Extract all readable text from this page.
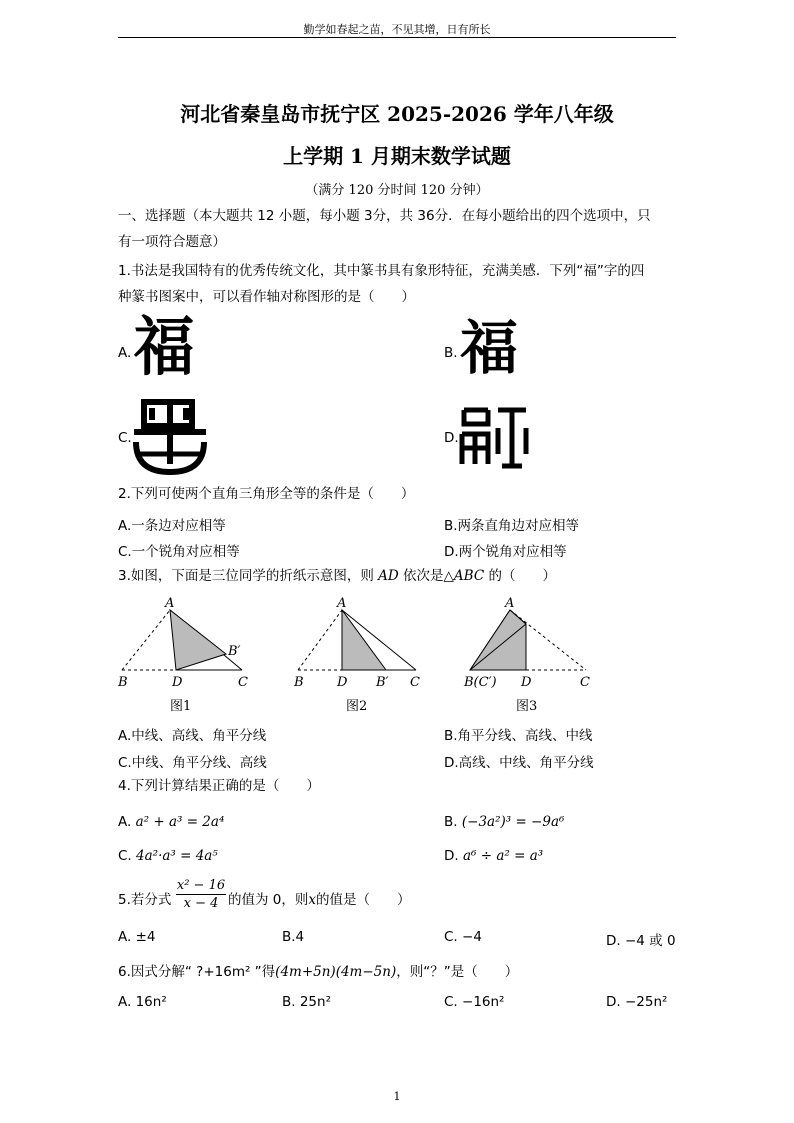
勤学如春起之苗，不见其增，日有所长
河北省秦皇岛市抚宁区 2025-2026 学年八年级
上学期 1 月期末数学试题
（满分 120 分时间 120 分钟）
一、选择题（本大题共 12 小题，每小题 3分，共 36分．在每小题给出的四个选项中，只
有一项符合题意）
1.书法是我国特有的优秀传统文化，其中篆书具有象形特征，充满美感．下列“福”字的四
种篆书图案中，可以看作轴对称图形的是（　　）
A. 福	B. 福
C.	D.
2.下列可使两个直角三角形全等的条件是（　　）
A.一条边对应相等	B.两条直角边对应相等
C.一个锐角对应相等	D.两个锐角对应相等
3.如图，下面是三位同学的折纸示意图，则 AD 依次是△ABC 的（　　）
A
B′
B	D	C
图1
A
B	D B′ C
图2
A
B(C′) D	C
图3
A.中线、高线、角平分线	B.角平分线、高线、中线
C.中线、角平分线、高线	D.高线、中线、角平分线
4.下列计算结果正确的是（　　）
A. a² + a³ = 2a⁴	B. (−3a²)³ = −9a⁶
C. 4a²·a³ = 4a⁵	D. a⁶ ÷ a² = a³
5.若分式 $\frac{\text{x² − 16}}{x - 4}$ 的值为 0，则x的值是（　　）
A. ±4	B.4	C. −4	D. −4 或 0
6.因式分解“ ?+16m² ”得(4m+5n)(4m−5n)，则“？”是（　　）
A. 16n²	B. 25n²	C. −16n²	D. −25n²
1
